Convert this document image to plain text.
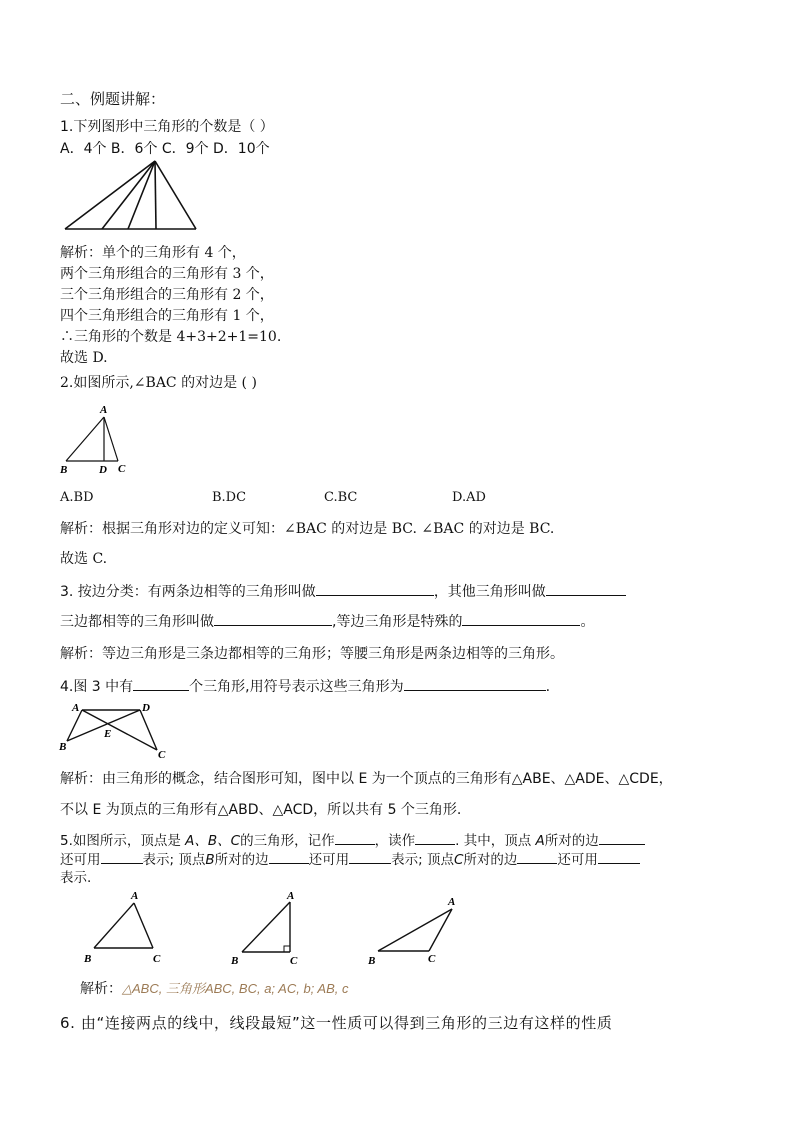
二、例题讲解：
1.下列图形中三角形的个数是（ ）
A．4个 B．6个 C．9个 D．10个
解析：单个的三角形有 4 个，
两个三角形组合的三角形有 3 个，
三个三角形组合的三角形有 2 个，
四个三角形组合的三角形有 1 个，
∴三角形的个数是 4+3+2+1=10.
故选 D.
2.如图所示,∠BAC 的对边是 ( )
A
B	D C
A.BD	B.DC	C.BC	D.AD
解析：根据三角形对边的定义可知：∠BAC 的对边是 BC. ∠BAC 的对边是 BC.
故选 C.
3. 按边分类：有两条边相等的三角形叫做	，其他三角形叫做
三边都相等的三角形叫做	,等边三角形是特殊的	。
解析：等边三角形是三条边都相等的三角形；等腰三角形是两条边相等的三角形。
4.图 3 中有	个三角形,用符号表示这些三角形为	.
A	D
B
E
C
解析：由三角形的概念，结合图形可知，图中以 E 为一个顶点的三角形有△ABE、△ADE、△CDE，
不以 E 为顶点的三角形有△ABD、△ACD，所以共有 5 个三角形.
5.如图所示，顶点是 A、B、C的三角形，记作	，读作	. 其中，顶点 A所对的边
还可用	表示; 顶点B所对的边	还可用	表示; 顶点C所对的边	还可用
表示.
A
B	C
A
B	C
A
B	C
解析：△ABC, 三角形ABC, BC, a; AC, b; AB, c
6. 由“连接两点的线中，线段最短”这一性质可以得到三角形的三边有这样的性质
